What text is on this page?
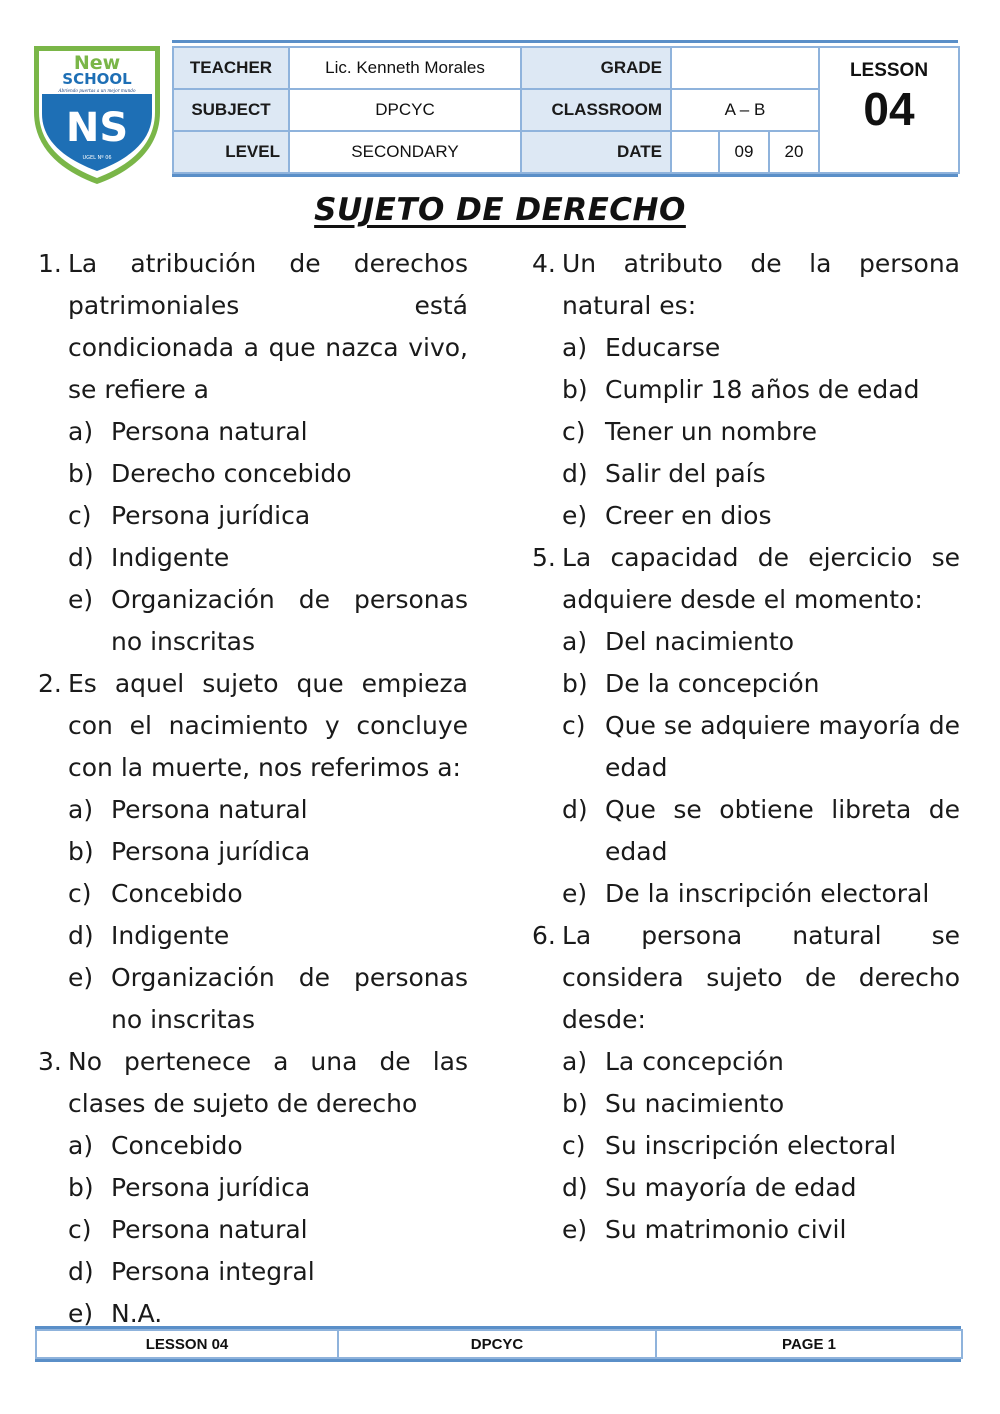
New
SCHOOL
Abriendo puertas a un mejor mundo
NS
UGEL Nº 06
TEACHER	Lic. Kenneth Morales	GRADE				LESSON
04

SUBJECT	DPCYC	CLASSROOM	A – B			
LEVEL	SECONDARY	DATE		09	20	
SUJETO DE DERECHO
1. La atribución de derechos patrimoniales está condicionada a que nazca vivo, se refiere a
a) Persona natural
b) Derecho concebido
c) Persona jurídica
d) Indigente
e) Organización de personas no inscritas
2. Es aquel sujeto que empieza con el nacimiento y concluye con la muerte, nos referimos a:
a) Persona natural
b) Persona jurídica
c) Concebido
d) Indigente
e) Organización de personas no inscritas
3. No pertenece a una de las clases de sujeto de derecho
a) Concebido
b) Persona jurídica
c) Persona natural
d) Persona integral
e) N.A.
4. Un atributo de la persona natural es:
a) Educarse
b) Cumplir 18 años de edad
c) Tener un nombre
d) Salir del país
e) Creer en dios
5. La capacidad de ejercicio se adquiere desde el momento:
a) Del nacimiento
b) De la concepción
c) Que se adquiere mayoría de edad
d) Que se obtiene libreta de edad
e) De la inscripción electoral
6. La persona natural se considera sujeto de derecho desde:
a) La concepción
b) Su nacimiento
c) Su inscripción electoral
d) Su mayoría de edad
e) Su matrimonio civil
LESSON 04	DPCYC	PAGE 1
